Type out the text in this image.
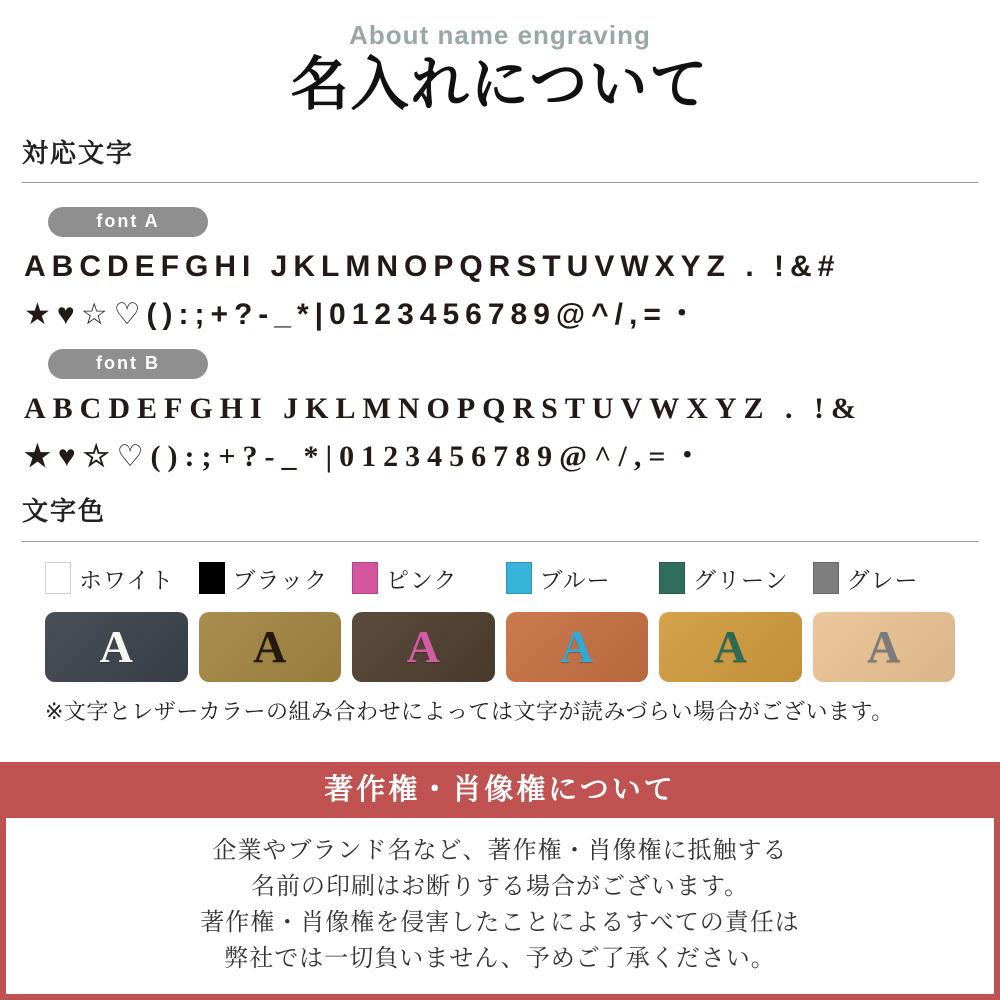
About name engraving
名入れについて
対応文字
font A
ABCDEFGHI JKLMNOPQRSTUVWXYZ . !&#
★♥☆♡():;+?-_*|0123456789@^/,=・
font B
ABCDEFGHI JKLMNOPQRSTUVWXYZ . !&
★♥☆♡():;+?-_*|0123456789@^/,=・
文字色
ホワイト	ブラック	ピンク	ブルー	グリーン	グレー
A	A	A	A	A	A

※文字とレザーカラーの組み合わせによっては文字が読みづらい場合がございます。

著作権・肖像権について

企業やブランド名など、著作権・肖像権に抵触する

名前の印刷はお断りする場合がございます。

著作権・肖像権を侵害したことによるすべての責任は

弊社では一切負いません、予めご了承ください。
